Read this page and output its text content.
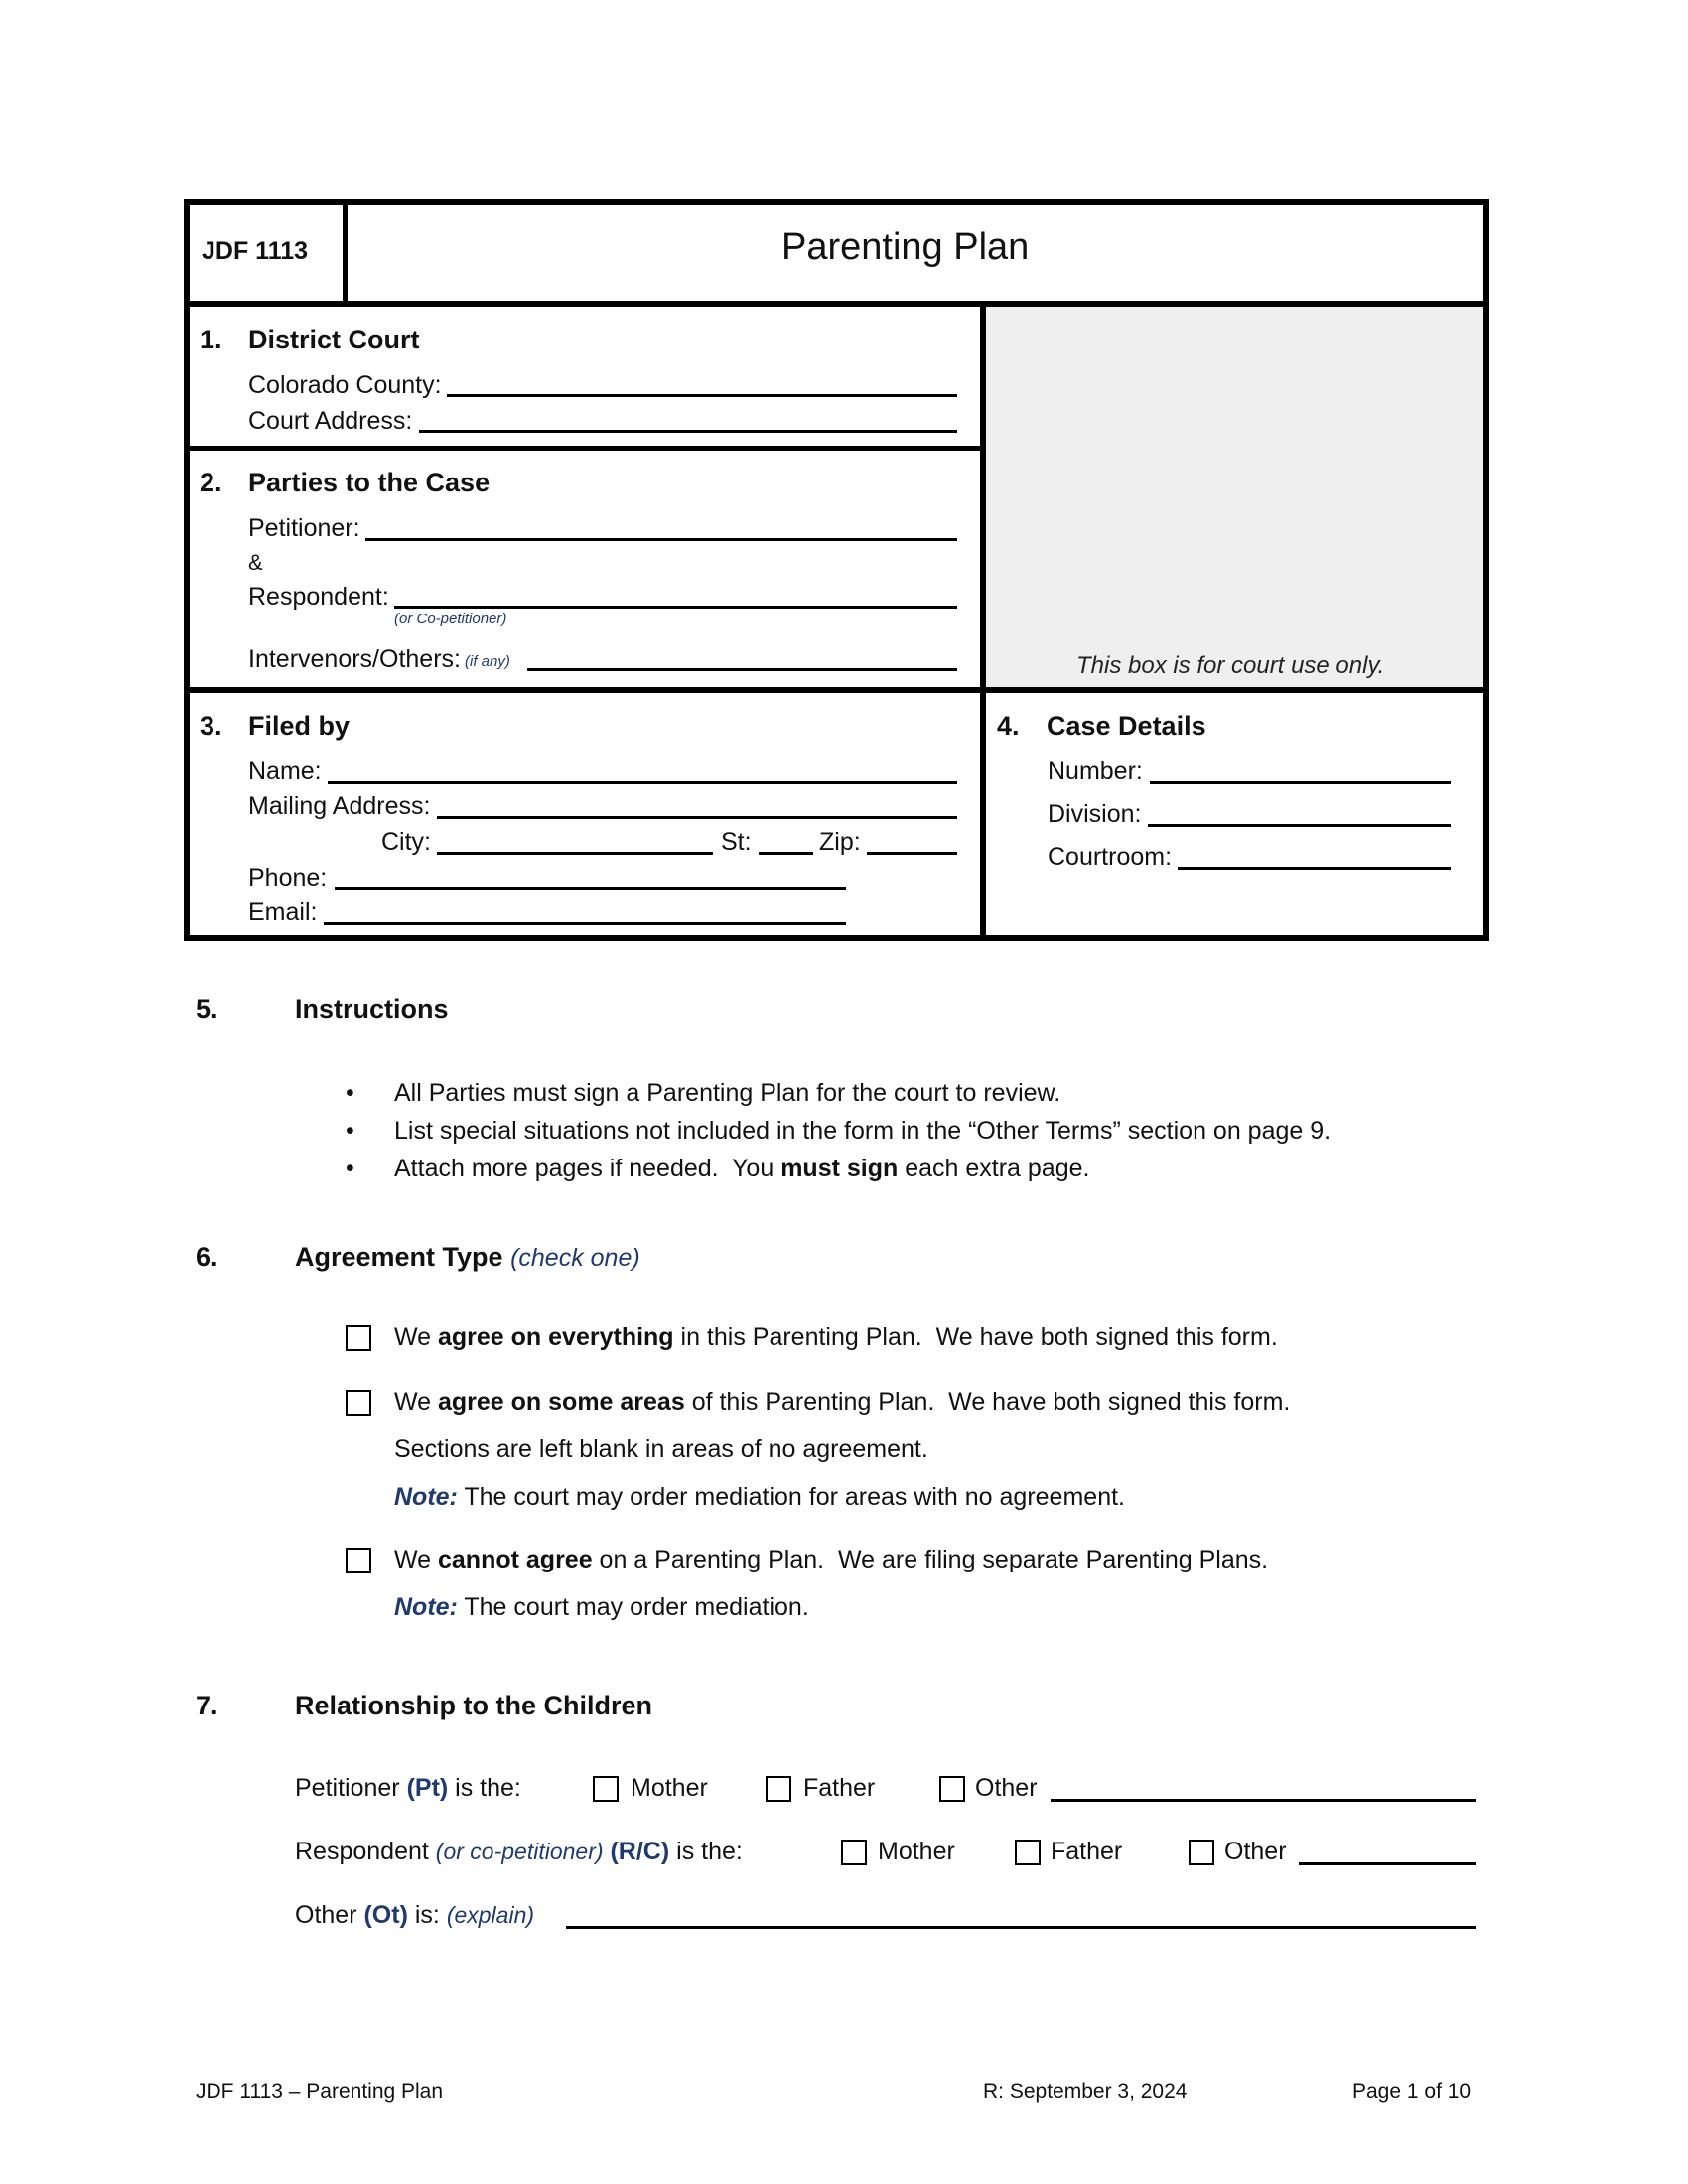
JDF 1113	Parenting Plan
1. District Court
Colorado County:
Court Address:
2. Parties to the Case
Petitioner:
&
Respondent:
(or Co-petitioner)
Intervenors/Others: (if any)	This box is for court use only.
3. Filed by
Name:
Mailing Address:
City:	St:	Zip:
Phone:
Email:
4. Case Details
Number:
Division:
Courtroom:
5.	Instructions
• All Parties must sign a Parenting Plan for the court to review.
• List special situations not included in the form in the “Other Terms” section on page 9.
• Attach more pages if needed.  You must sign each extra page.
6.	Agreement Type (check one)
We agree on everything in this Parenting Plan.  We have both signed this form.
We agree on some areas of this Parenting Plan.  We have both signed this form.
Sections are left blank in areas of no agreement.
Note: The court may order mediation for areas with no agreement.
We cannot agree on a Parenting Plan.  We are filing separate Parenting Plans.
Note: The court may order mediation.
7.	Relationship to the Children
Petitioner (Pt) is the:	Mother	Father	Other
Respondent (or co-petitioner) (R/C) is the:	Mother	Father	Other
Other (Ot) is: (explain)
JDF 1113 – Parenting Plan	R: September 3, 2024	Page 1 of 10
